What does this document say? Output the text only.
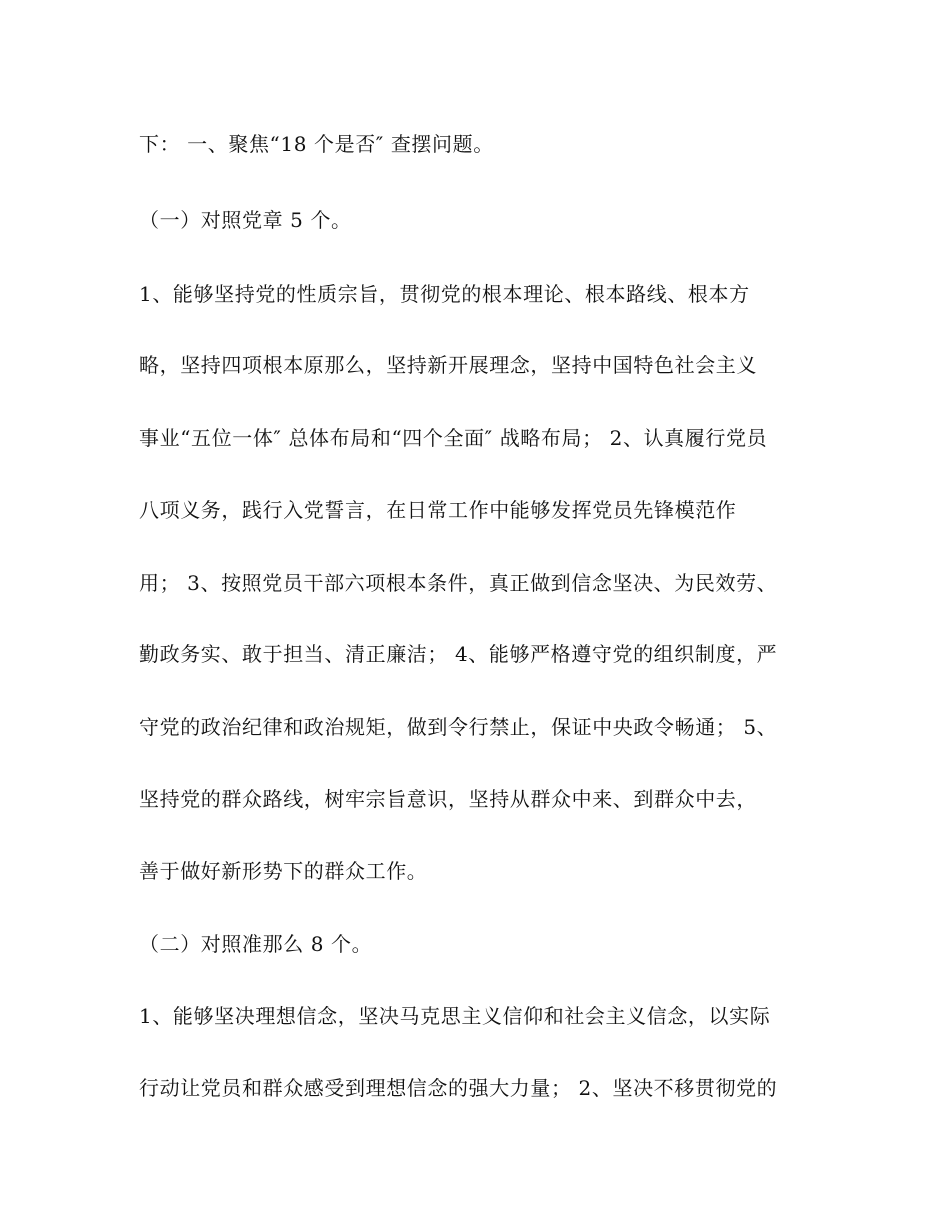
下： 一、聚焦“18 个是否″ 查摆问题。
（一）对照党章 5 个。
1、能够坚持党的性质宗旨，贯彻党的根本理论、根本路线、根本方
略，坚持四项根本原那么，坚持新开展理念，坚持中国特色社会主义
事业“五位一体″ 总体布局和“四个全面″ 战略布局； 2、认真履行党员
八项义务，践行入党誓言，在日常工作中能够发挥党员先锋模范作
用； 3、按照党员干部六项根本条件，真正做到信念坚决、为民效劳、
勤政务实、敢于担当、清正廉洁； 4、能够严格遵守党的组织制度，严
守党的政治纪律和政治规矩，做到令行禁止，保证中央政令畅通； 5、
坚持党的群众路线，树牢宗旨意识，坚持从群众中来、到群众中去，
善于做好新形势下的群众工作。
（二）对照准那么 8 个。
1、能够坚决理想信念，坚决马克思主义信仰和社会主义信念，以实际
行动让党员和群众感受到理想信念的强大力量； 2、坚决不移贯彻党的
